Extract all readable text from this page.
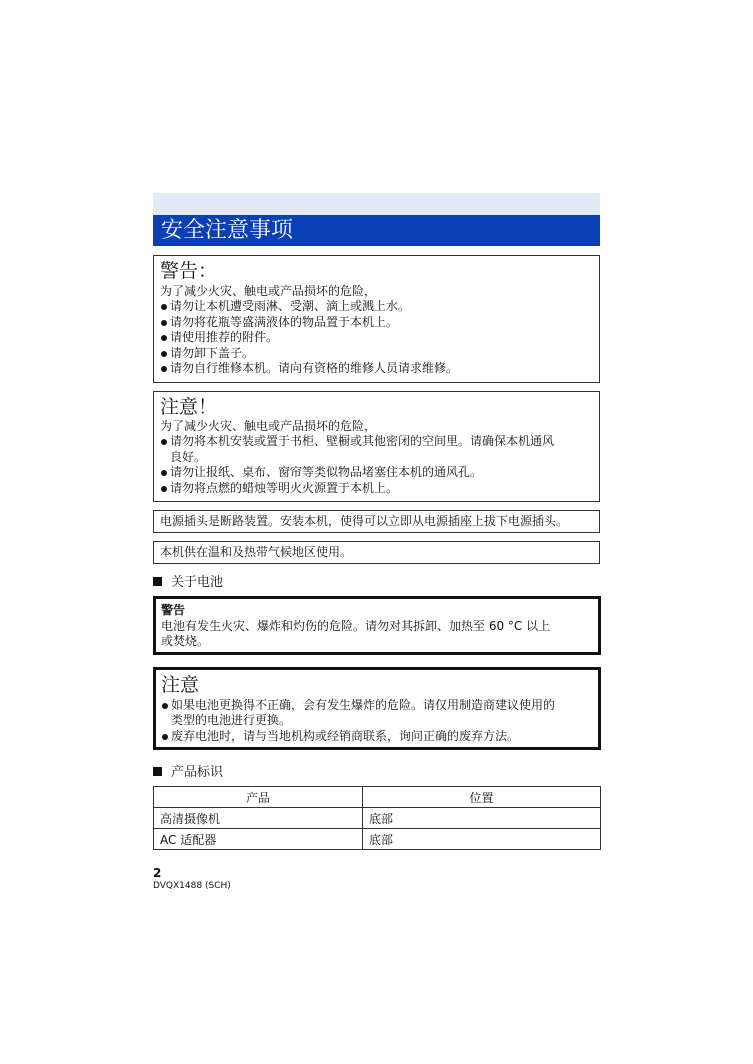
安全注意事项
警告：
为了减少火灾、触电或产品损坏的危险，
请勿让本机遭受雨淋、受潮、滴上或溅上水。
请勿将花瓶等盛满液体的物品置于本机上。
请使用推荐的附件。
请勿卸下盖子。
请勿自行维修本机。请向有资格的维修人员请求维修。
注意！
为了减少火灾、触电或产品损坏的危险，
请勿将本机安装或置于书柜、壁橱或其他密闭的空间里。请确保本机通风
良好。
请勿让报纸、桌布、窗帘等类似物品堵塞住本机的通风孔。
请勿将点燃的蜡烛等明火火源置于本机上。
电源插头是断路装置。安装本机，使得可以立即从电源插座上拔下电源插头。
本机供在温和及热带气候地区使用。
关于电池
警告
电池有发生火灾、爆炸和灼伤的危险。请勿对其拆卸、加热至 60 °C 以上
或焚烧。
注意
如果电池更换得不正确，会有发生爆炸的危险。请仅用制造商建议使用的
类型的电池进行更换。
废弃电池时，请与当地机构或经销商联系，询问正确的废弃方法。
产品标识
产品	位置
高清摄像机	底部
AC 适配器	底部
2
DVQX1488 (SCH)
